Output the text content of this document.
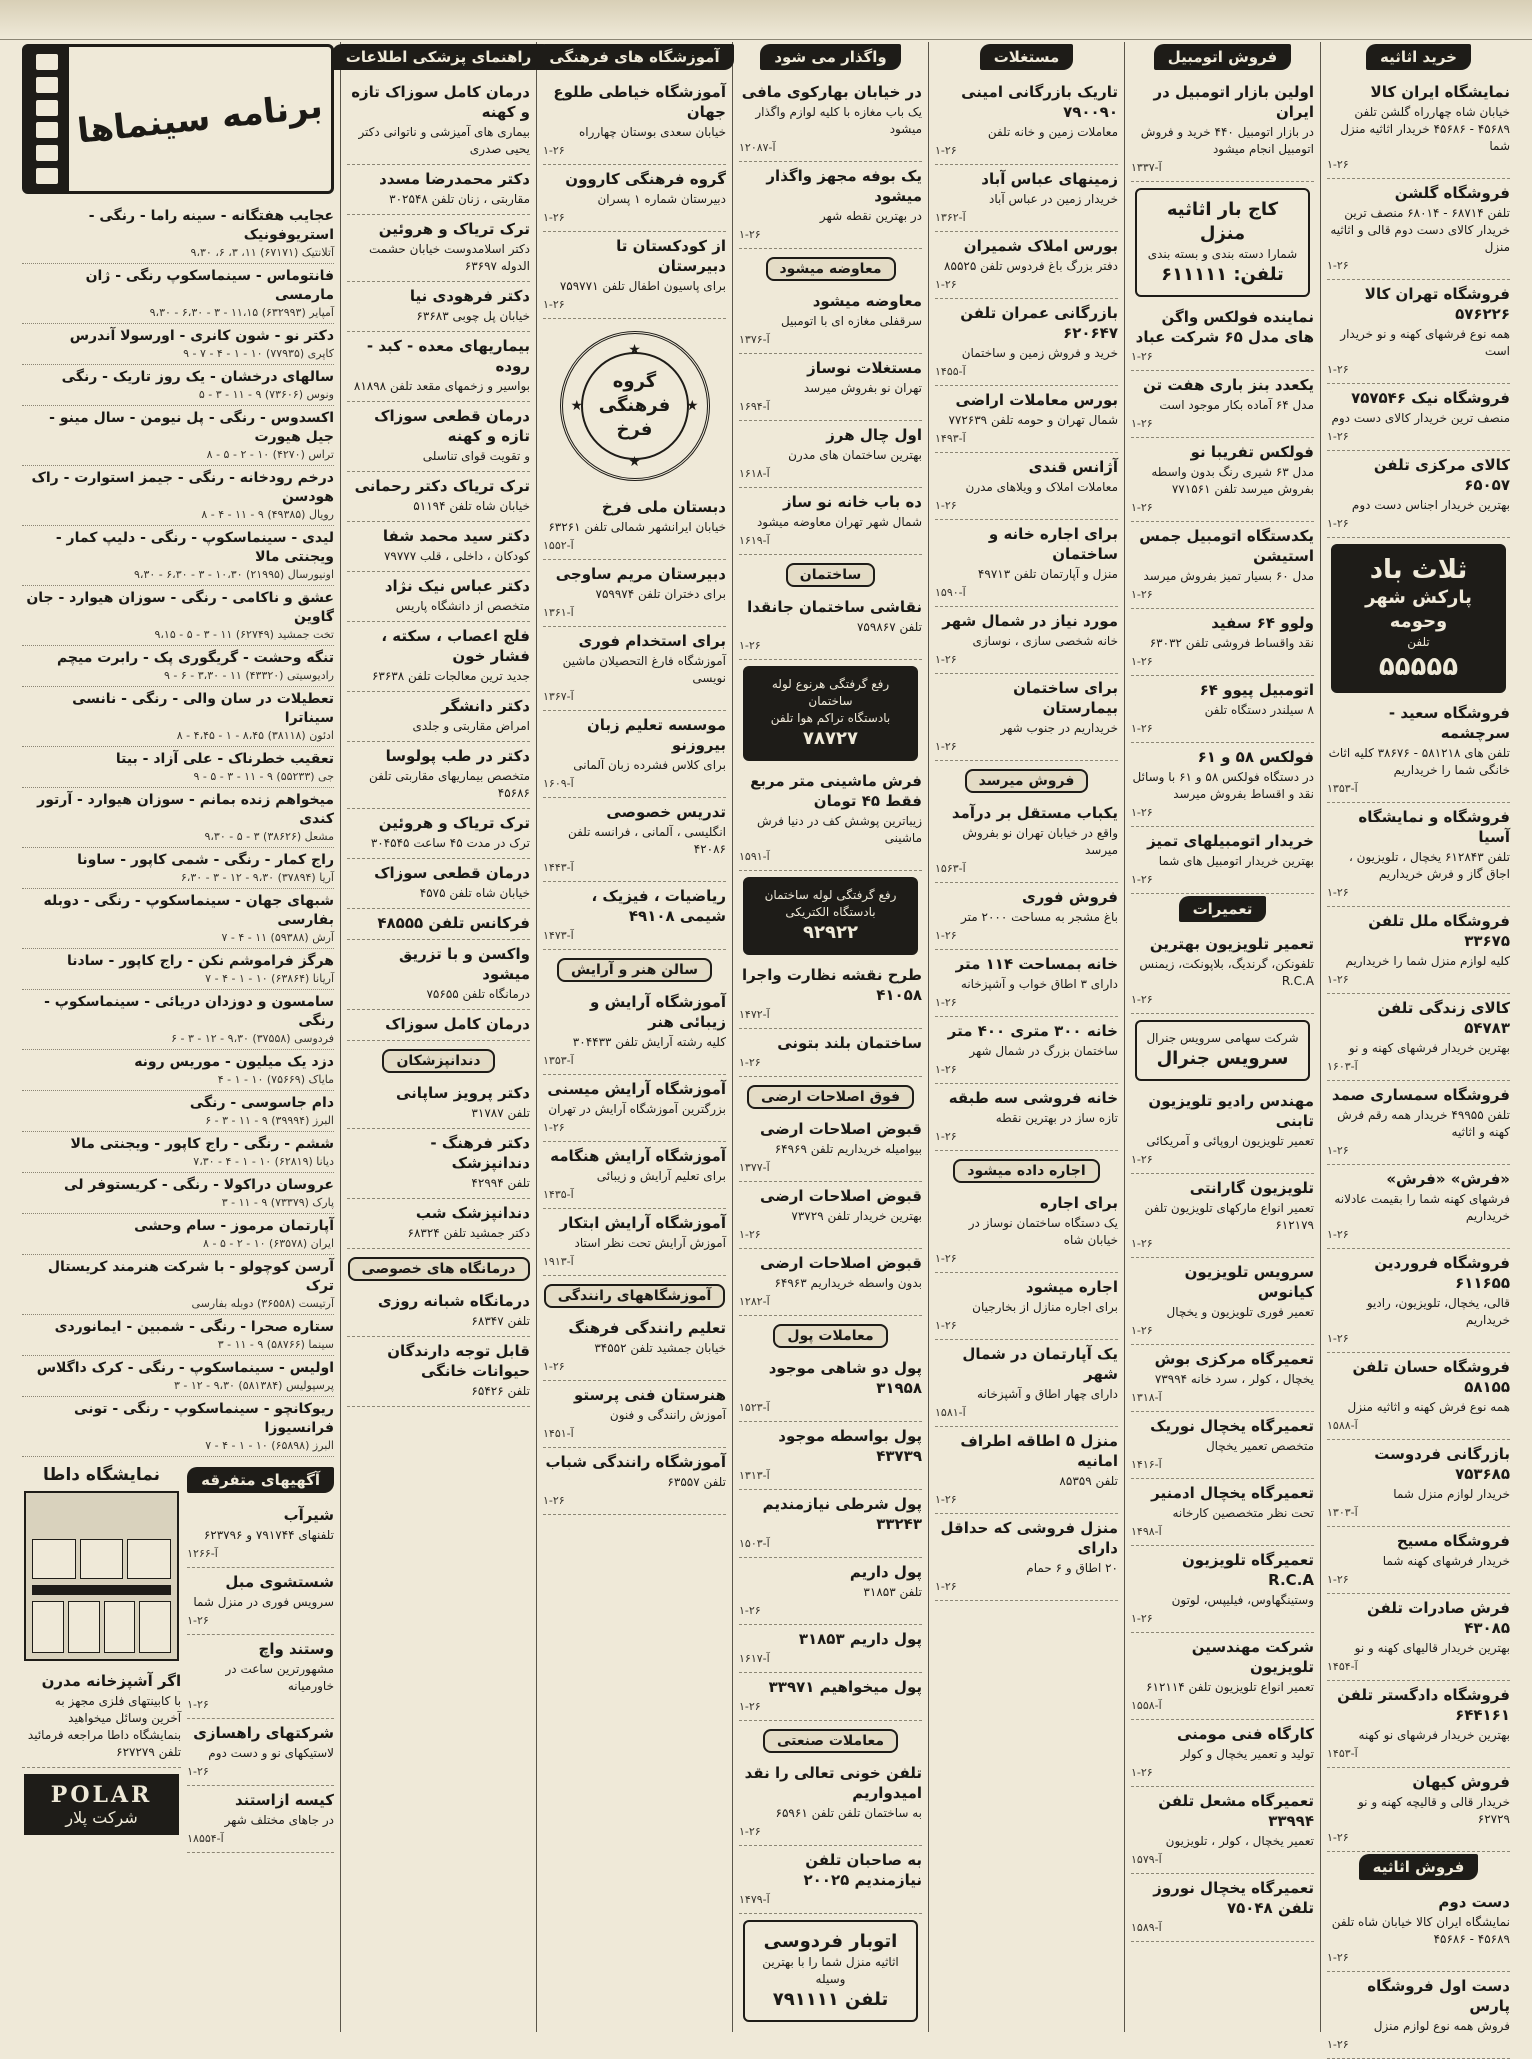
خرید اثاثیه
نمایشگاه ایران کالا
خیابان شاه چهارراه گلشن تلفن ۴۵۶۸۹ - ۴۵۶۸۶ خریدار اثاثیه منزل شما
۱-۲۶
فروشگاه گلشن
تلفن ۶۸۷۱۴ - ۶۸۰۱۴ منصف ترین خریدار کالای دست دوم قالی و اثاثیه منزل
۱-۲۶
فروشگاه تهران کالا ۵۷۶۲۲۶
همه نوع فرشهای کهنه و نو خریدار است
۱-۲۶
فروشگاه نیک ۷۵۷۵۴۶
منصف ترین خریدار کالای دست دوم
۱-۲۶
کالای مرکزی تلفن ۶۵۰۵۷
بهترین خریدار اجناس دست دوم
۱-۲۶
ثلاث باد
پارکش شهر وحومه
تلفن
۵۵۵۵۵
فروشگاه سعید - سرچشمه
تلفن های ۵۸۱۲۱۸ - ۳۸۶۷۶ کلیه اثاث خانگی شما را خریداریم
۱۳۵۳-آ
فروشگاه و نمایشگاه آسیا
تلفن ۶۱۲۸۴۳ یخچال ، تلویزیون ، اجاق گاز و فرش خریداریم
۱-۲۶
فروشگاه ملل تلفن ۳۳۶۷۵
کلیه لوازم منزل شما را خریداریم
۱-۲۶
کالای زندگی تلفن ۵۴۷۸۳
بهترین خریدار فرشهای کهنه و نو
۱۶۰۳-آ
فروشگاه سمساری صمد
تلفن ۴۹۹۵۵ خریدار همه رقم فرش کهنه و اثاثیه
۱-۲۶
«فرش» «فرش»
فرشهای کهنه شما را بقیمت عادلانه خریداریم
۱-۲۶
فروشگاه فروردین ۶۱۱۶۵۵
قالی، یخچال، تلویزیون، رادیو خریداریم
۱-۲۶
فروشگاه حسان تلفن ۵۸۱۵۵
همه نوع فرش کهنه و اثاثیه منزل
۱۵۸۸-آ
بازرگانی فردوست ۷۵۳۶۸۵
خریدار لوازم منزل شما
۱۳۰۳-آ
فروشگاه مسیح
خریدار فرشهای کهنه شما
۱-۲۶
فرش صادرات تلفن ۴۳۰۸۵
بهترین خریدار قالیهای کهنه و نو
۱۴۵۴-آ
فروشگاه دادگستر تلفن ۶۴۴۱۶۱
بهترین خریدار فرشهای نو کهنه
۱۴۵۳-آ
فروش کیهان
خریدار قالی و قالیچه کهنه و نو ۶۲۷۲۹
۱-۲۶
فروش اثاثیه
دست دوم
نمایشگاه ایران کالا خیابان شاه تلفن ۴۵۶۸۹ - ۴۵۶۸۶
۱-۲۶
دست اول فروشگاه پارس
فروش همه نوع لوازم منزل
۱-۲۶
فروش اتومبیل
اولین بازار اتومبیل در ایران
در بازار اتومبیل ۴۴۰ خرید و فروش اتومبیل انجام میشود
۱۳۳۷-آ
کاج بار اثاثیه منزل
شمارا دسته بندی و بسته بندی
تلفن: ۶۱۱۱۱۱
نماینده فولکس واگن های مدل ۶۵ شرکت عباد
۱-۲۶
یکعدد بنز باری هفت تن
مدل ۶۴ آماده بکار موجود است
۱-۲۶
فولکس تفریبا نو
مدل ۶۳ شیری رنگ بدون واسطه بفروش میرسد تلفن ۷۷۱۵۶۱
۱-۲۶
یکدستگاه اتومبیل جمس استیشن
مدل ۶۰ بسیار تمیز بفروش میرسد
۱-۲۶
ولوو ۶۴ سفید
نقد واقساط فروشی تلفن ۶۳۰۳۲
۱-۲۶
اتومبیل پیوو ۶۴
۸ سیلندر دستگاه تلفن
۱-۲۶
فولکس ۵۸ و ۶۱
در دستگاه فولکس ۵۸ و ۶۱ با وسائل نقد و اقساط بفروش میرسد
۱-۲۶
خریدار اتومبیلهای تمیز
بهترین خریدار اتومبیل های شما
۱-۲۶
تعمیرات
تعمیر تلویزیون بهترین
تلفونکن، گرندیگ، بلاپونکت، زیمنس R.C.A
۱-۲۶
شرکت سهامی سرویس جنرال
سرویس جنرال
مهندس رادیو تلویزیون تابنی
تعمیر تلویزیون اروپائی و آمریکائی
۱-۲۶
تلویزیون گارانتی
تعمیر انواع مارکهای تلویزیون تلفن ۶۱۲۱۷۹
۱-۲۶
سرویس تلویزیون کیانوس
تعمیر فوری تلویزیون و یخچال
۱-۲۶
تعمیرگاه مرکزی بوش
یخچال ، کولر ، سرد خانه ۷۳۹۹۴
۱۳۱۸-آ
تعمیرگاه یخچال نوریک
متخصص تعمیر یخچال
۱۴۱۶-آ
تعمیرگاه یخچال ادمنیر
تحت نظر متخصصین کارخانه
۱۴۹۸-آ
تعمیرگاه تلویزیون R.C.A
وستینگهاوس، فیلیپس، لوتون
۱-۲۶
شرکت مهندسین تلویزیون
تعمیر انواع تلویزیون تلفن ۶۱۲۱۱۴
۱۵۵۸-آ
کارگاه فنی مومنی
تولید و تعمیر یخچال و کولر
۱-۲۶
تعمیرگاه مشعل تلفن ۳۳۹۹۴
تعمیر یخچال ، کولر ، تلویزیون
۱۵۷۹-آ
تعمیرگاه یخچال نوروز تلفن ۷۵۰۴۸
۱۵۸۹-آ
مستغلات
تاریک بازرگانی امینی ۷۹۰۰۹۰
معاملات زمین و خانه تلفن
۱-۲۶
زمینهای عباس آباد
خریدار زمین در عباس آباد
۱۳۶۲-آ
بورس املاک شمیران
دفتر بزرگ باغ فردوس تلفن ۸۵۵۲۵
۱-۲۶
بازرگانی عمران تلفن ۶۲۰۶۴۷
خرید و فروش زمین و ساختمان
۱۴۵۵-آ
بورس معاملات اراضی
شمال تهران و حومه تلفن ۷۷۲۶۳۹
۱۴۹۳-آ
آژانس قندی
معاملات املاک و ویلاهای مدرن
۱-۲۶
برای اجاره خانه و ساختمان
منزل و آپارتمان تلفن ۴۹۷۱۳
۱۵۹۰-آ
مورد نیاز در شمال شهر
خانه شخصی سازی ، نوسازی
۱-۲۶
برای ساختمان بیمارستان
خریداریم در جنوب شهر
۱-۲۶
فروش میرسد
یکباب مستقل بر درآمد
واقع در خیابان تهران نو بفروش میرسد
۱۵۶۳-آ
فروش فوری
باغ مشجر به مساحت ۲۰۰۰ متر
۱-۲۶
خانه بمساحت ۱۱۴ متر
دارای ۳ اطاق خواب و آشپزخانه
۱-۲۶
خانه ۳۰۰ متری ۴۰۰ متر
ساختمان بزرگ در شمال شهر
۱-۲۶
خانه فروشی سه طبقه
تازه ساز در بهترین نقطه
۱-۲۶
اجاره داده میشود
برای اجاره
یک دستگاه ساختمان نوساز در خیابان شاه
۱-۲۶
اجاره میشود
برای اجاره منازل از بخارجیان
۱-۲۶
یک آپارتمان در شمال شهر
دارای چهار اطاق و آشپزخانه
۱۵۸۱-آ
منزل ۵ اطاقه اطراف امانیه
تلفن ۸۵۳۵۹
۱-۲۶
منزل فروشی که حداقل دارای
۲۰ اطاق و ۶ حمام
۱-۲۶
واگذار می شود
در خیابان بهارکوی مافی
یک باب مغازه با کلیه لوازم واگذار میشود
۱۲۰۸۷-آ
یک بوفه مجهز واگذار میشود
در بهترین نقطه شهر
۱-۲۶
معاوضه میشود
معاوضه میشود
سرقفلی مغازه ای با اتومبیل
۱۳۷۶-آ
مستغلات نوساز
تهران نو بفروش میرسد
۱۶۹۴-آ
اول چال هرز
بهترین ساختمان های مدرن
۱۶۱۸-آ
ده باب خانه نو ساز
شمال شهر تهران معاوضه میشود
۱۶۱۹-آ
ساختمان
نقاشی ساختمان جانقدا
تلفن ۷۵۹۸۶۷
۱-۲۶
رفع گرفتگی هرنوع لوله ساختمان
بادستگاه تراکم هوا تلفن
۷۸۷۲۷
فرش ماشینی متر مربع فقط ۴۵ تومان
زیباترین پوشش کف در دنیا فرش ماشینی
۱۵۹۱-آ
رفع گرفتگی لوله ساختمان
بادستگاه الکتریکی
۹۲۹۲۲
طرح نقشه نظارت واجرا ۴۱۰۵۸
۱۴۷۲-آ
ساختمان بلند بتونی
۱-۲۶
فوق اصلاحات ارضی
قبوض اصلاحات ارضی
بیوامیله خریداریم تلفن ۶۴۹۶۹
۱۳۷۷-آ
قبوض اصلاحات ارضی
بهترین خریدار تلفن ۷۳۷۲۹
۱-۲۶
قبوض اصلاحات ارضی
بدون واسطه خریداریم ۶۴۹۶۳
۱۲۸۲-آ
معاملات پول
پول دو شاهی موجود ۳۱۹۵۸
۱۵۲۳-آ
پول بواسطه موجود ۴۳۷۳۹
۱۳۱۳-آ
پول شرطی نیازمندیم ۳۳۲۴۳
۱۵۰۳-آ
پول داریم
تلفن ۳۱۸۵۳
۱-۲۶
پول داریم ۳۱۸۵۳
۱۶۱۷-آ
پول میخواهیم ۳۳۹۷۱
۱-۲۶
معاملات صنعتی
تلفن خونی تعالی را نقد امیدواریم
به ساختمان تلفن تلفن ۶۵۹۶۱
۱-۲۶
به صاحبان تلفن نیازمندیم ۲۰۰۲۵
۱۴۷۹-آ
اتوبار فردوسی
اثاثیه منزل شما را با بهترین وسیله
تلفن ۷۹۱۱۱۱
آموزشگاه های فرهنگی
آموزشگاه خیاطی طلوع جهان
خیابان سعدی بوستان چهارراه
۱-۲۶
گروه فرهنگی کاروون
دبیرستان شماره ۱ پسران
۱-۲۶
از کودکستان تا دبیرستان
برای پاسیون اطفال تلفن ۷۵۹۷۷۱
۱-۲۶
★
★
★
★
گروه فرهنگی
فرخ
دبستان ملی فرخ
خیابان ایرانشهر شمالی تلفن ۶۳۲۶۱
۱۵۵۲-آ
دبیرستان مریم ساوجی
برای دختران تلفن ۷۵۹۹۷۴
۱۳۶۱-آ
برای استخدام فوری
آموزشگاه فارغ التحصیلان ماشین نویسی
۱۳۶۷-آ
موسسه تعلیم زبان بیروزنو
برای کلاس فشرده زبان آلمانی
۱۶۰۹-آ
تدریس خصوصی
انگلیسی ، آلمانی ، فرانسه تلفن ۴۲۰۸۶
۱۴۴۳-آ
ریاضیات ، فیزیک ، شیمی ۴۹۱۰۸
۱۴۷۳-آ
سالن هنر و آرایش
آموزشگاه آرایش و زیبائی هنر
کلیه رشته آرایش تلفن ۳۰۴۴۳۳
۱۳۵۳-آ
آموزشگاه آرایش میسنی
بزرگترین آموزشگاه آرایش در تهران
۱-۲۶
آموزشگاه آرایش هنگامه
برای تعلیم آرایش و زیبائی
۱۴۳۵-آ
آموزشگاه آرایش ابتکار
آموزش آرایش تحت نظر استاد
۱۹۱۳-آ
آموزشگاههای رانندگی
تعلیم رانندگی فرهنگ
خیابان جمشید تلفن ۳۴۵۵۲
۱-۲۶
هنرستان فنی پرستو
آموزش رانندگی و فنون
۱۴۵۱-آ
آموزشگاه رانندگی شباب
تلفن ۶۳۵۵۷
۱-۲۶
راهنمای پزشکی اطلاعات
درمان کامل سوزاک تازه و کهنه
بیماری های آمیزشی و ناتوانی دکتر یحیی صدری
دکتر محمدرضا مسدد
مقاربتی ، زنان تلفن ۳۰۲۵۴۸
ترک تریاک و هروئین
دکتر اسلامدوست خیابان حشمت الدوله ۶۳۶۹۷
دکتر فرهودی نیا
خیابان پل چوبی ۶۳۶۸۳
بیماریهای معده - کبد - روده
بواسیر و زخمهای مقعد تلفن ۸۱۸۹۸
درمان قطعی سوزاک تازه و کهنه
و تقویت قوای تناسلی
ترک تریاک دکتر رحمانی
خیابان شاه تلفن ۵۱۱۹۴
دکتر سید محمد شفا
کودکان ، داخلی ، قلب ۷۹۷۷۷
دکتر عباس نیک نژاد
متخصص از دانشگاه پاریس
فلج اعصاب ، سکته ، فشار خون
جدید ترین معالجات تلفن ۶۳۶۳۸
دکتر دانشگر
امراض مقاربتی و جلدی
دکتر در طب پولوسا
متخصص بیماریهای مقاربتی تلفن ۴۵۶۸۶
ترک تریاک و هروئین
ترک در مدت ۴۵ ساعت ۳۰۴۵۴۵
درمان قطعی سوزاک
خیابان شاه تلفن ۴۵۷۵
فرکانس تلفن ۴۸۵۵۵
واکسن و با تزریق میشود
درمانگاه تلفن ۷۵۶۵۵
درمان کامل سوزاک
دندانپزشکان
دکتر پرویز ساپانی
تلفن ۳۱۷۸۷
دکتر فرهنگ - دندانپزشک
تلفن ۴۲۹۹۴
دندانپزشک شب
دکتر جمشید تلفن ۶۸۳۲۴
درمانگاه های خصوصی
درمانگاه شبانه روزی
تلفن ۶۸۳۴۷
قابل توجه دارندگان حیوانات خانگی
تلفن ۶۵۴۲۶
برنامه سینماها
عجایب هفتگانه - سینه راما - رنگی - استریوفونیک
آتلانتیک (۶۷۱۷۱) ۱۱، ۳، ۶، ۹،۳۰
فانتوماس - سینماسکوپ رنگی - ژان مارمسی
آمپایر (۶۳۲۹۹۳) ۱۱،۱۵ - ۳ - ۶،۳۰ - ۹،۳۰
دکتر نو - شون کانری - اورسولا آندرس
کاپری (۷۷۹۳۵) ۱۰ - ۱ - ۴ - ۷ - ۹
سالهای درخشان - یک روز تاریک - رنگی
ونوس (۷۳۶۰۶) ۹ - ۱۱ - ۳ - ۵
اکسدوس - رنگی - پل نیومن - سال مینو - جیل هیورت
تراس (۴۲۷۰) ۱۰ - ۲ - ۵ - ۸
درخم رودخانه - رنگی - جیمز استوارت - راک هودسن
رویال (۴۹۳۸۵) ۹ - ۱۱ - ۴ - ۸
لیدی - سینماسکوپ - رنگی - دلیپ کمار - ویجنتی مالا
اونیورسال (۲۱۹۹۵) ۱۰،۳۰ - ۳ - ۶،۳۰ - ۹،۳۰
عشق و ناکامی - رنگی - سوزان هیوارد - جان گاوین
تخت جمشید (۶۲۷۴۹) ۱۱ - ۳ - ۵ - ۹،۱۵
تنگه وحشت - گریگوری پک - رابرت میچم
رادیوسیتی (۴۳۳۲۰) ۱۱ - ۳،۳۰ - ۶ - ۹
تعطیلات در سان والی - رنگی - نانسی سیناترا
ادئون (۳۸۱۱۸) ۸،۴۵ - ۱ - ۴،۴۵ - ۸
تعقیب خطرناک - علی آزاد - بیتا
جی (۵۵۲۳۳) ۹ - ۱۱ - ۳ - ۵ - ۹
میخواهم زنده بمانم - سوزان هیوارد - آرتور کندی
مشعل (۳۸۶۲۶) ۳ - ۵ - ۹،۳۰
راج کمار - رنگی - شمی کاپور - ساونا
آریا (۳۷۸۹۴) ۹،۳۰ - ۱۲ - ۳ - ۶،۳۰
شبهای جهان - سینماسکوپ - رنگی - دوبله بفارسی
آرش (۵۹۳۸۸) ۱۱ - ۴ - ۷
هرگز فراموشم نکن - راج کاپور - سادنا
آریانا (۶۳۸۶۴) ۱۰ - ۱ - ۴ - ۷
سامسون و دوزدان دریائی - سینماسکوپ - رنگی
فردوسی (۳۷۵۵۸) ۹،۳۰ - ۱۲ - ۳ - ۶
دزد یک میلیون - موریس رونه
مایاک (۷۵۶۶۹) ۱۰ - ۱ - ۴
دام جاسوسی - رنگی
البرز (۳۹۹۹۴) ۹ - ۱۱ - ۳ - ۶
ششم - رنگی - راج کاپور - ویجنتی مالا
دیانا (۶۲۸۱۹) ۱۰ - ۱ - ۴ - ۷،۳۰
عروسان دراکولا - رنگی - کریستوفر لی
پارک (۷۳۳۷۹) ۹ - ۱۱ - ۳
آپارتمان مرموز - سام وحشی
ایران (۶۳۵۷۸) ۱۰ - ۲ - ۵ - ۸
آرسن کوچولو - با شرکت هنرمند کریستال ترک
آرتیست (۳۶۵۵۸) دوبله بفارسی
ستاره صحرا - رنگی - شمبین - ایمانوردی
سینما (۵۸۷۶۶) ۹ - ۱۱ - ۳
اولیس - سینماسکوپ - رنگی - کرک داگلاس
پرسپولیس (۵۸۱۳۸۴) ۹،۳۰ - ۱۲ - ۳
ریوکانچو - سینماسکوپ - رنگی - تونی فرانسیوزا
البرز (۶۵۸۹۸) ۱۰ - ۱ - ۴ - ۷
آگهیهای متفرقه
شیرآب
تلفنهای ۷۹۱۷۴۴ و ۶۲۳۷۹۶
۱۲۶۶-آ
شستشوی مبل
سرویس فوری در منزل شما
۱-۲۶
وستند واچ
مشهورترین ساعت در خاورمیانه
۱-۲۶
شرکتهای راهسازی
لاستیکهای نو و دست دوم
۱-۲۶
کیسه ازاستند
در جاهای مختلف شهر
۱۸۵۵۴-آ
نمایشگاه داطا
اگر آشپزخانه مدرن
با کابینتهای فلزی مجهز به آخرین وسائل میخواهید بنمایشگاه داطا مراجعه فرمائید تلفن ۶۲۷۲۷۹
POLAR
شرکت پلار
